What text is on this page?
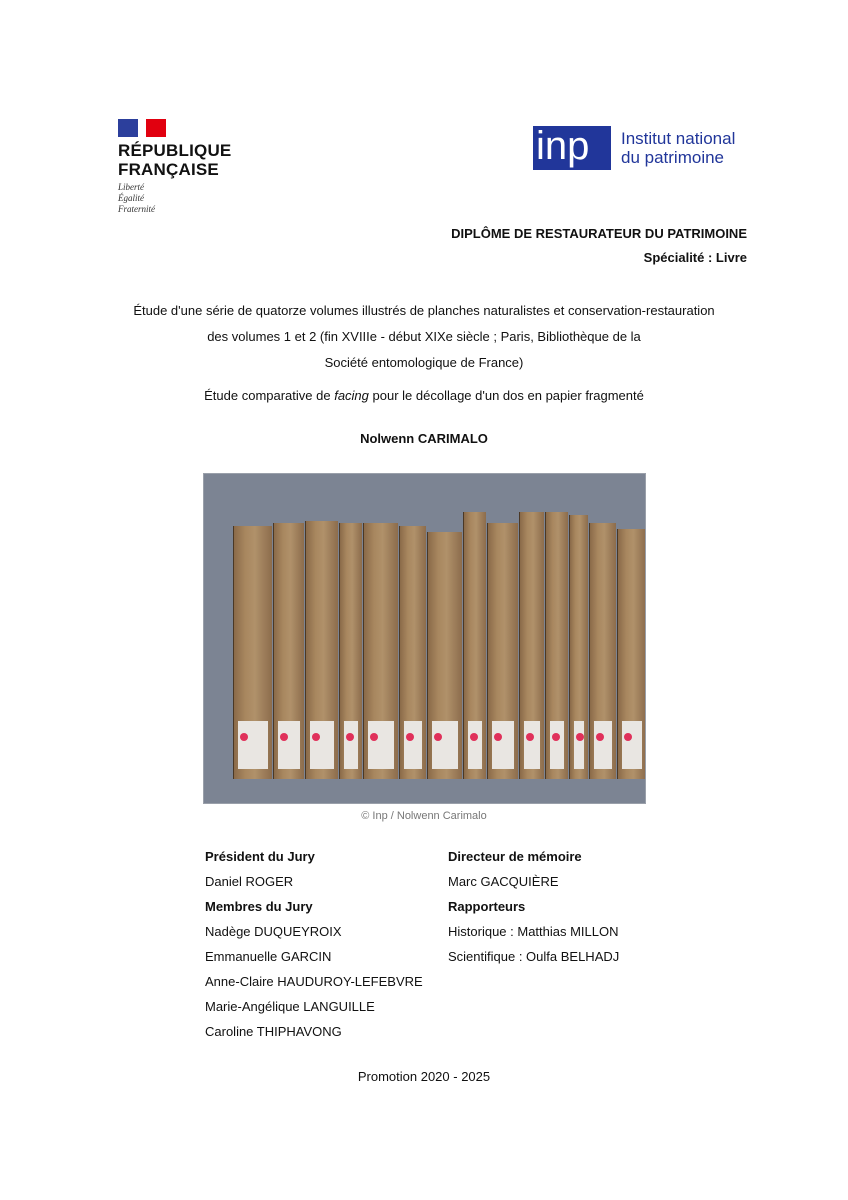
RÉPUBLIQUE
FRANÇAISE
Liberté
Égalité
Fraternité
inp	Institut national
du patrimoine
DIPLÔME DE RESTAURATEUR DU PATRIMOINE
Spécialité : Livre
Étude d'une série de quatorze volumes illustrés de planches naturalistes et conservation-restauration
des volumes 1 et 2 (fin XVIIIe - début XIXe siècle ; Paris, Bibliothèque de la
Société entomologique de France)
Étude comparative de facing pour le décollage d'un dos en papier fragmenté
Nolwenn CARIMALO
© Inp / Nolwenn Carimalo
Président du Jury
Daniel ROGER
Membres du Jury
Nadège DUQUEYROIX
Emmanuelle GARCIN
Anne-Claire HAUDUROY-LEFEBVRE
Marie-Angélique LANGUILLE
Caroline THIPHAVONG
Directeur de mémoire
Marc GACQUIÈRE
Rapporteurs
Historique : Matthias MILLON
Scientifique : Oulfa BELHADJ
Promotion 2020 - 2025
